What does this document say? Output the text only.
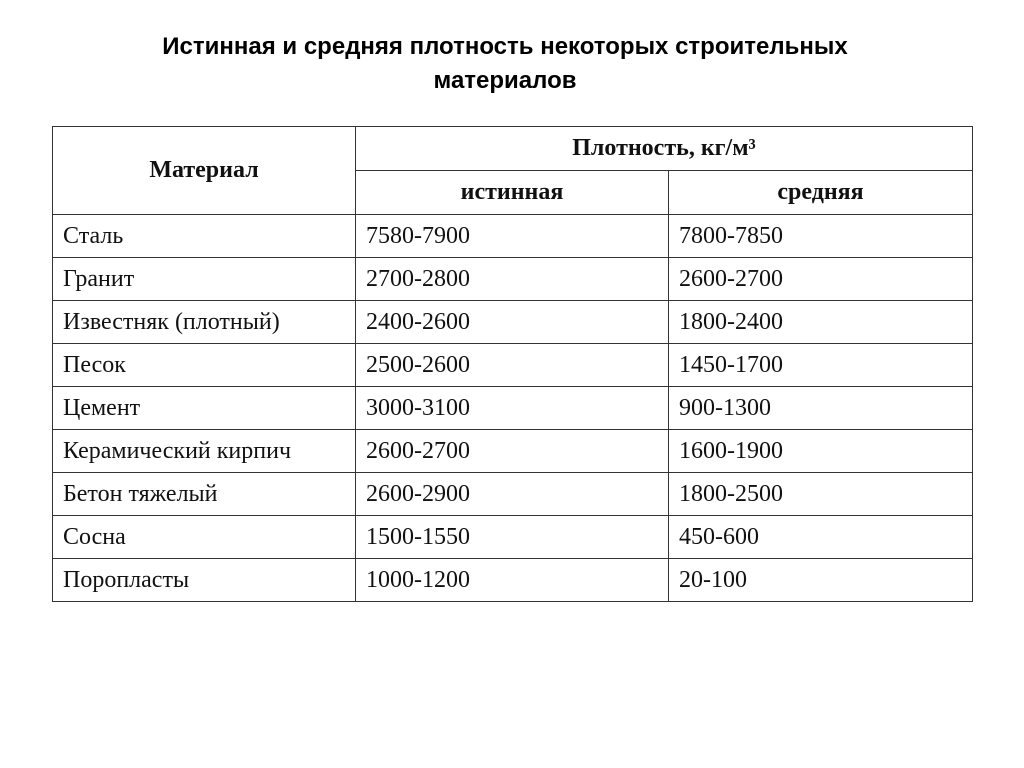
Истинная и средняя плотность некоторых строительных
материалов
Материал	Плотность, кг/м³	
	истинная	средняя
Сталь	7580-7900	7800-7850
Гранит	2700-2800	2600-2700
Известняк (плотный)	2400-2600	1800-2400
Песок	2500-2600	1450-1700
Цемент	3000-3100	900-1300
Керамический кирпич	2600-2700	1600-1900
Бетон тяжелый	2600-2900	1800-2500
Сосна	1500-1550	450-600
Поропласты	1000-1200	20-100
